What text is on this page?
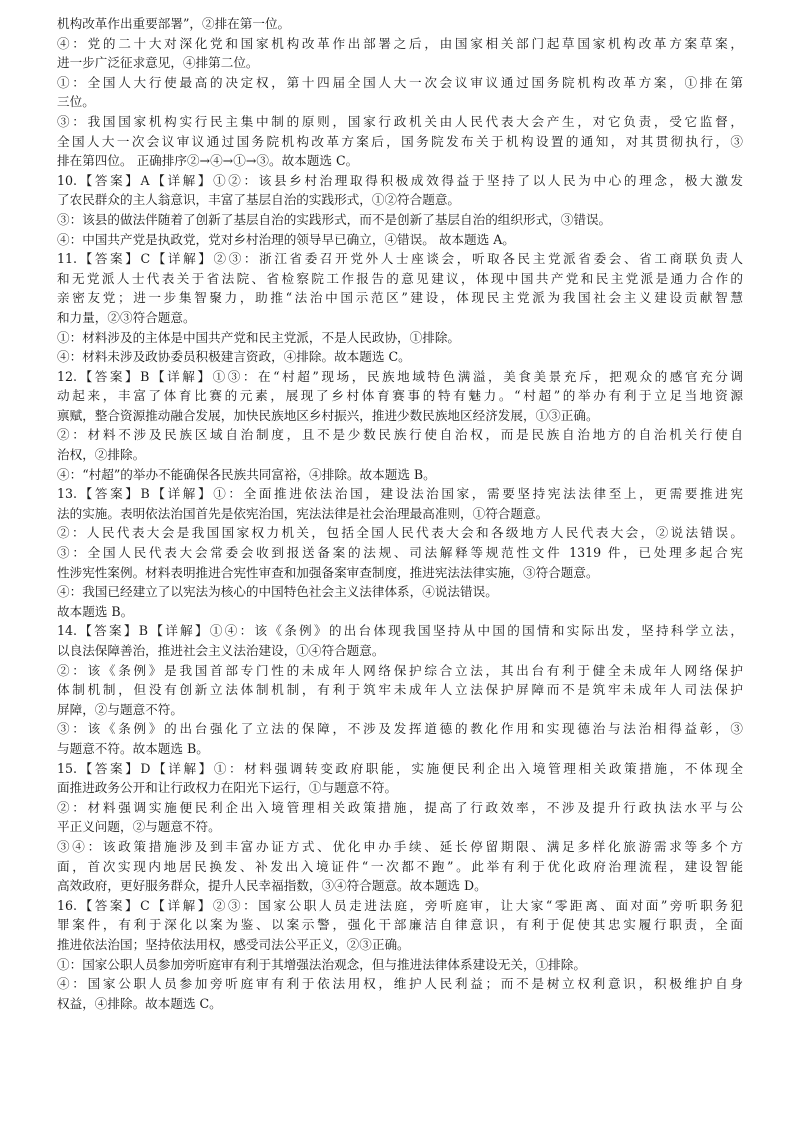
机构改革作出重要部署”，②排在第一位。
④：党的二十大对深化党和国家机构改革作出部署之后，由国家相关部门起草国家机构改革方案草案，
进一步广泛征求意见，④排第二位。
①：全国人大行使最高的决定权，第十四届全国人大一次会议审议通过国务院机构改革方案，①排在第
三位。
③：我国国家机构实行民主集中制的原则，国家行政机关由人民代表大会产生，对它负责，受它监督，
全国人大一次会议审议通过国务院机构改革方案后，国务院发布关于机构设置的通知，对其贯彻执行，③
排在第四位。 正确排序②→④→①→③。故本题选 C。
10.【答案】A【详解】①②：该县乡村治理取得积极成效得益于坚持了以人民为中心的理念，极大激发
了农民群众的主人翁意识，丰富了基层自治的实践形式，①②符合题意。
③：该县的做法伴随着了创新了基层自治的实践形式，而不是创新了基层自治的组织形式，③错误。
④：中国共产党是执政党，党对乡村治理的领导早已确立，④错误。 故本题选 A。
11.【答案】C【详解】②③：浙江省委召开党外人士座谈会，听取各民主党派省委会、省工商联负责人
和无党派人士代表关于省法院、省检察院工作报告的意见建议，体现中国共产党和民主党派是通力合作的
亲密友党；进一步集智聚力，助推“法治中国示范区”建设，体现民主党派为我国社会主义建设贡献智慧
和力量，②③符合题意。
①：材料涉及的主体是中国共产党和民主党派，不是人民政协，①排除。
④：材料未涉及政协委员积极建言资政，④排除。故本题选 C。
12.【答案】B【详解】①③：在“村超”现场，民族地域特色满溢，美食美景充斥，把观众的感官充分调
动起来，丰富了体育比赛的元素，展现了乡村体育赛事的特有魅力。“村超”的举办有利于立足当地资源
禀赋，整合资源推动融合发展，加快民族地区乡村振兴，推进少数民族地区经济发展，①③正确。
②：材料不涉及民族区域自治制度，且不是少数民族行使自治权，而是民族自治地方的自治机关行使自
治权，②排除。
④：“村超”的举办不能确保各民族共同富裕，④排除。故本题选 B。
13.【答案】B【详解】①：全面推进依法治国，建设法治国家，需要坚持宪法法律至上，更需要推进宪
法的实施。表明依法治国首先是依宪治国，宪法法律是社会治理最高准则，①符合题意。
②：人民代表大会是我国国家权力机关，包括全国人民代表大会和各级地方人民代表大会，②说法错误。
③：全国人民代表大会常委会收到报送备案的法规、司法解释等规范性文件 1319 件，已处理多起合宪
性涉宪性案例。材料表明推进合宪性审查和加强备案审查制度，推进宪法法律实施，③符合题意。
④：我国已经建立了以宪法为核心的中国特色社会主义法律体系，④说法错误。
故本题选 B。
14.【答案】B【详解】①④：该《条例》的出台体现我国坚持从中国的国情和实际出发，坚持科学立法，
以良法保障善治，推进社会主义法治建设，①④符合题意。
②：该《条例》是我国首部专门性的未成年人网络保护综合立法，其出台有利于健全未成年人网络保护
体制机制，但没有创新立法体制机制，有利于筑牢未成年人立法保护屏障而不是筑牢未成年人司法保护
屏障，②与题意不符。
③：该《条例》的出台强化了立法的保障，不涉及发挥道德的教化作用和实现德治与法治相得益彰，③
与题意不符。故本题选 B。
15.【答案】D【详解】①：材料强调转变政府职能，实施便民利企出入境管理相关政策措施，不体现全
面推进政务公开和让行政权力在阳光下运行，①与题意不符。
②：材料强调实施便民利企出入境管理相关政策措施，提高了行政效率，不涉及提升行政执法水平与公
平正义问题，②与题意不符。
③④：该政策措施涉及到丰富办证方式、优化申办手续、延长停留期限、满足多样化旅游需求等多个方
面，首次实现内地居民换发、补发出入境证件“一次都不跑”。此举有利于优化政府治理流程，建设智能
高效政府，更好服务群众，提升人民幸福指数，③④符合题意。故本题选 D。
16.【答案】C【详解】②③：国家公职人员走进法庭，旁听庭审，让大家“零距离、面对面”旁听职务犯
罪案件，有利于深化以案为鉴、以案示警，强化干部廉洁自律意识，有利于促使其忠实履行职责，全面
推进依法治国；坚持依法用权，感受司法公平正义，②③正确。
①：国家公职人员参加旁听庭审有利于其增强法治观念，但与推进法律体系建设无关，①排除。
④：国家公职人员参加旁听庭审有利于依法用权，维护人民利益；而不是树立权利意识，积极维护自身
权益，④排除。故本题选 C。
